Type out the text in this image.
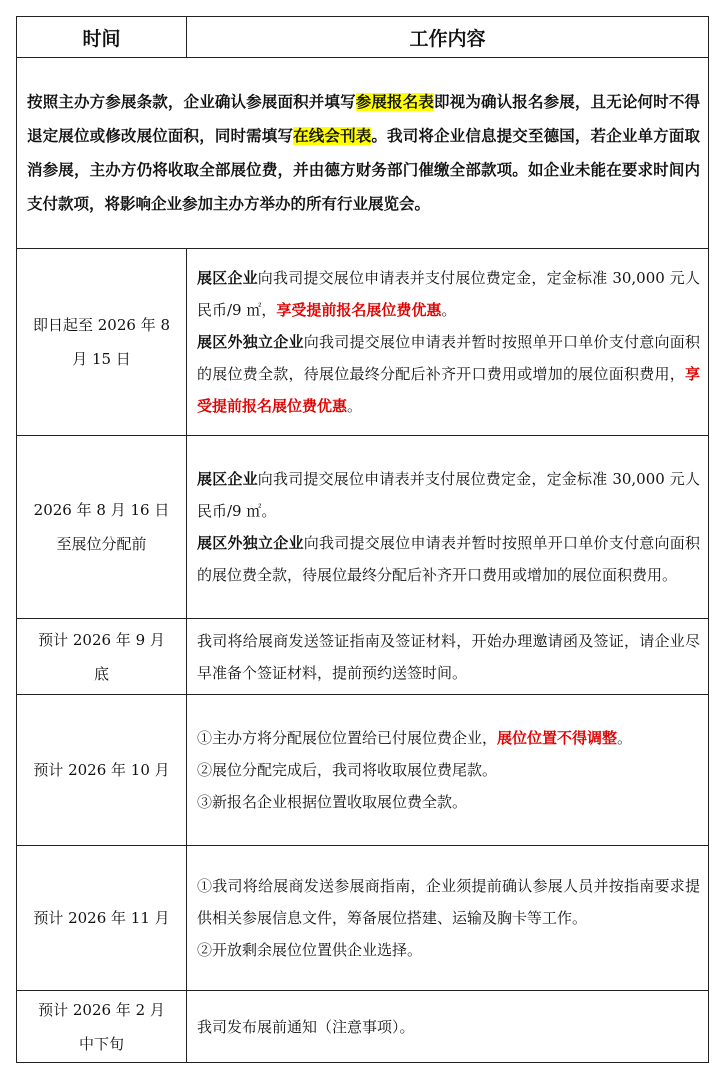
时间	工作内容
按照主办方参展条款，企业确认参展面积并填写参展报名表即视为确认报名参展，且无论何时不得退定展位或修改展位面积，同时需填写在线会刊表。我司将企业信息提交至德国，若企业单方面取消参展，主办方仍将收取全部展位费，并由德方财务部门催缴全部款项。如企业未能在要求时间内支付款项，将影响企业参加主办方举办的所有行业展览会。	
即日起至 2026 年 8 月 15 日	展区企业向我司提交展位申请表并支付展位费定金，定金标准 30,000 元人民币/9 ㎡，享受提前报名展位费优惠。

展区外独立企业向我司提交展位申请表并暂时按照单开口单价支付意向面积的展位费全款，待展位最终分配后补齐开口费用或增加的展位面积费用，享受提前报名展位费优惠。

2026 年 8 月 16 日至展位分配前	展区企业向我司提交展位申请表并支付展位费定金，定金标准 30,000 元人民币/9 ㎡。

展区外独立企业向我司提交展位申请表并暂时按照单开口单价支付意向面积的展位费全款，待展位最终分配后补齐开口费用或增加的展位面积费用。

预计 2026 年 9 月底	我司将给展商发送签证指南及签证材料，开始办理邀请函及签证，请企业尽早准备个签证材料，提前预约送签时间。
预计 2026 年 10 月	①主办方将分配展位位置给已付展位费企业，展位位置不得调整。

②展位分配完成后，我司将收取展位费尾款。

③新报名企业根据位置收取展位费全款。

预计 2026 年 11 月	①我司将给展商发送参展商指南，企业须提前确认参展人员并按指南要求提供相关参展信息文件，筹备展位搭建、运输及胸卡等工作。

②开放剩余展位位置供企业选择。

预计 2026 年 2 月中下旬	我司发布展前通知（注意事项）。
